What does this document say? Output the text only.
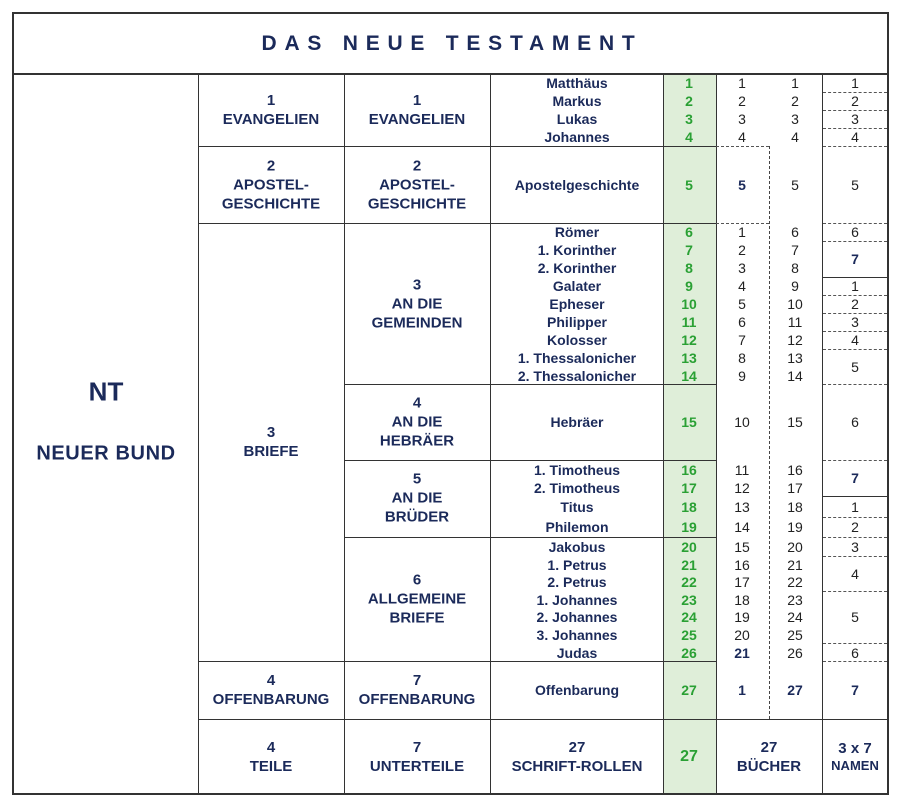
DAS NEUE TESTAMENT
NT
NEUER BUND
1
EVANGELIEN
2
APOSTEL-
GESCHICHTE
3
BRIEFE
4
OFFENBARUNG
1
EVANGELIEN
2
APOSTEL-
GESCHICHTE
3
AN DIE
GEMEINDEN
4
AN DIE
HEBRÄER
5
AN DIE
BRÜDER
6
ALLGEMEINE
BRIEFE
7
OFFENBARUNG
Matthäus
Markus
Lukas
Johannes
Apostelgeschichte
Römer
1. Korinther
2. Korinther
Galater
Epheser
Philipper
Kolosser
1. Thessalonicher
2. Thessalonicher
Hebräer
1. Timotheus
2. Timotheus
Titus
Philemon
Jakobus
1. Petrus
2. Petrus
1. Johannes
2. Johannes
3. Johannes
Judas
Offenbarung
1
2
3
4
5
6
7
8
9
10
11
12
13
14
15
16
17
18
19
20
21
22
23
24
25
26
27
1
2
3
4
5
1
2
3
4
5
6
7
8
9
10
11
12
13
14
15
16
17
18
19
20
21
1
1
2
3
4
5
6
7
8
9
10
11
12
13
14
15
16
17
18
19
20
21
22
23
24
25
26
27
1
2
3
4
5
6
7
1
2
3
4
5
6
7
1
2
3
4
5
6
7
4
TEILE
7
UNTERTEILE
27
SCHRIFT-ROLLEN
27
27
BÜCHER
3 x 7
NAMEN
